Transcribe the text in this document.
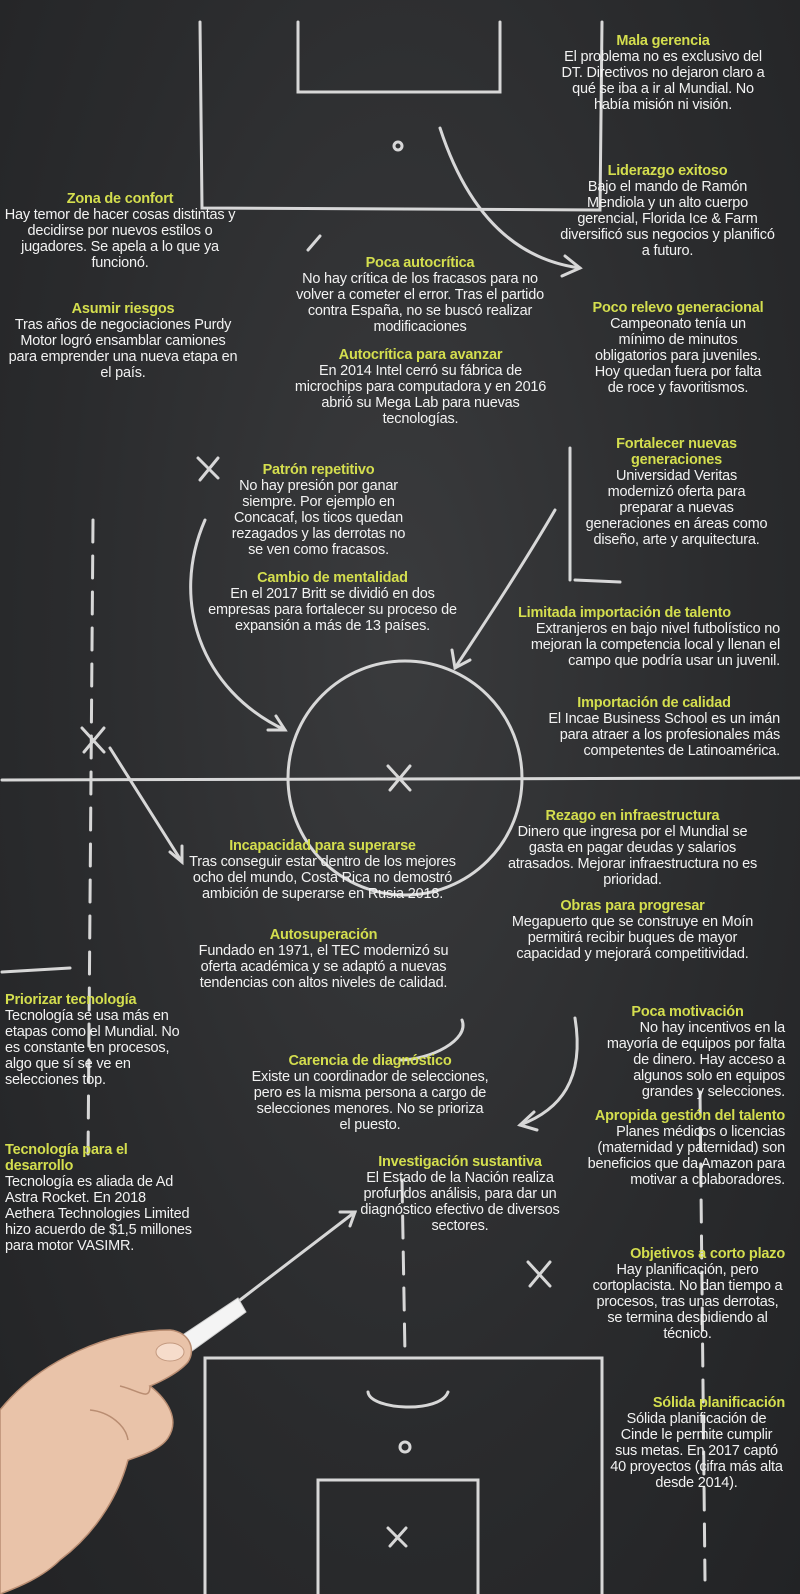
Mala gerencia

El problema no es exclusivo del DT. Directivos no dejaron claro a qué se iba a ir al Mundial. No había misión ni visión.

Liderazgo exitoso

Bajo el mando de Ramón Mendiola y un alto cuerpo gerencial, Florida Ice & Farm diversificó sus negocios y planificó a futuro.

Zona de confort

Hay temor de hacer cosas distintas y decidirse por nuevos estilos o jugadores. Se apela a lo que ya funcionó.	Poca autocrítica

No hay crítica de los fracasos para no volver a cometer el error. Tras el partido contra España, no se buscó realizar modificaciones

Autocrítica para avanzar

En 2014 Intel cerró su fábrica de microchips para computadora y en 2016 abrió su Mega Lab para nuevas tecnologías.

Asumir riesgos

Tras años de negociaciones Purdy Motor logró ensamblar camiones para emprender una nueva etapa en el país.

Poco relevo generacional

Campeonato tenía un mínimo de minutos obligatorios para juveniles. Hoy quedan fuera por falta de roce y favoritismos.

Patrón repetitivo

No hay presión por ganar siempre. Por ejemplo en Concacaf, los ticos quedan rezagados y las derrotas no se ven como fracasos.

Cambio de mentalidad

En el 2017 Britt se dividió en dos empresas para fortalecer su proceso de expansión a más de 13 países.

Fortalecer nuevas generaciones

Universidad Veritas modernizó oferta para preparar a nuevas generaciones en áreas como diseño, arte y arquitectura.

Limitada importación de talento

Extranjeros en bajo nivel futbolístico no mejoran la competencia local y llenan el campo que podría usar un juvenil.

Importación de calidad

El Incae Business School es un imán para atraer a los profesionales más competentes de Latinoamérica.

Rezago en infraestructura

Dinero que ingresa por el Mundial se gasta en pagar deudas y salarios atrasados. Mejorar infraestructura no es prioridad.

Incapacidad para superarse

Tras conseguir estar dentro de los mejores ocho del mundo, Costa Rica no demostró ambición de superarse en Rusia 2018.

Obras para progresar

Megapuerto que se construye en Moín permitirá recibir buques de mayor capacidad y mejorará competitividad.

Autosuperación

Fundado en 1971, el TEC modernizó su oferta académica y se adaptó a nuevas tendencias con altos niveles de calidad.

Priorizar tecnología

Tecnología se usa más en etapas como el Mundial. No es constante en procesos, algo que sí se ve en selecciones top.

Poca motivación

No hay incentivos en la mayoría de equipos por falta de dinero. Hay acceso a algunos solo en equipos grandes y selecciones.

Carencia de diagnóstico

Existe un coordinador de selecciones, pero es la misma persona a cargo de selecciones menores. No se prioriza el puesto.

Apropida gestión del talento

Planes médicos o licencias (maternidad y paternidad) son beneficios que da Amazon para motivar a colaboradores.

Tecnología para el desarrollo

Tecnología es aliada de Ad Astra Rocket. En 2018 Aethera Technologies Limited hizo acuerdo de $1,5 millones para motor VASIMR.

Investigación sustantiva

El Estado de la Nación realiza profundos análisis, para dar un diagnóstico efectivo de diversos sectores.

Objetivos a corto plazo

Hay planificación, pero cortoplacista. No dan tiempo a procesos, tras unas derrotas, se termina despidiendo al técnico.

Sólida planificación

Sólida planificación de Cinde le permite cumplir sus metas. En 2017 captó 40 proyectos (cifra más alta desde 2014).
